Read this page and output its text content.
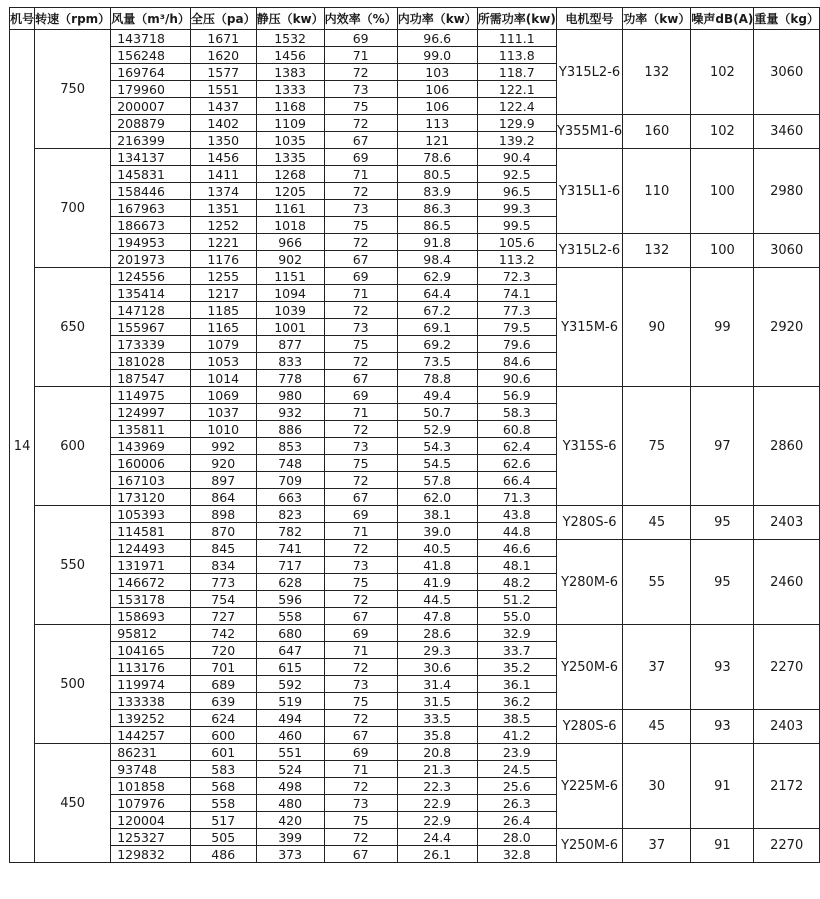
机号	转速（rpm）	风量（m³/h）	全压（pa）	静压（kw）	内效率（%）	内功率（kw）	所需功率(kw)	电机型号	功率（kw）	噪声dB(A)	重量（kg）
14	750	143718	1671	1532	69	96.6	111.1	Y315L2-6	132	102	3060
		156248	1620	1456	71	99.0	113.8				
		169764	1577	1383	72	103	118.7				
		179960	1551	1333	73	106	122.1				
		200007	1437	1168	75	106	122.4				
		208879	1402	1109	72	113	129.9	Y355M1-6	160	102	3460
		216399	1350	1035	67	121	139.2				
	700	134137	1456	1335	69	78.6	90.4	Y315L1-6	110	100	2980
		145831	1411	1268	71	80.5	92.5				
		158446	1374	1205	72	83.9	96.5				
		167963	1351	1161	73	86.3	99.3				
		186673	1252	1018	75	86.5	99.5				
		194953	1221	966	72	91.8	105.6	Y315L2-6	132	100	3060
		201973	1176	902	67	98.4	113.2				
	650	124556	1255	1151	69	62.9	72.3	Y315M-6	90	99	2920
		135414	1217	1094	71	64.4	74.1				
		147128	1185	1039	72	67.2	77.3				
		155967	1165	1001	73	69.1	79.5				
		173339	1079	877	75	69.2	79.6				
		181028	1053	833	72	73.5	84.6				
		187547	1014	778	67	78.8	90.6				
	600	114975	1069	980	69	49.4	56.9	Y315S-6	75	97	2860
		124997	1037	932	71	50.7	58.3				
		135811	1010	886	72	52.9	60.8				
		143969	992	853	73	54.3	62.4				
		160006	920	748	75	54.5	62.6				
		167103	897	709	72	57.8	66.4				
		173120	864	663	67	62.0	71.3				
	550	105393	898	823	69	38.1	43.8	Y280S-6	45	95	2403
		114581	870	782	71	39.0	44.8				
		124493	845	741	72	40.5	46.6	Y280M-6	55	95	2460
		131971	834	717	73	41.8	48.1				
		146672	773	628	75	41.9	48.2				
		153178	754	596	72	44.5	51.2				
		158693	727	558	67	47.8	55.0				
	500	95812	742	680	69	28.6	32.9	Y250M-6	37	93	2270
		104165	720	647	71	29.3	33.7				
		113176	701	615	72	30.6	35.2				
		119974	689	592	73	31.4	36.1				
		133338	639	519	75	31.5	36.2				
		139252	624	494	72	33.5	38.5	Y280S-6	45	93	2403
		144257	600	460	67	35.8	41.2				
	450	86231	601	551	69	20.8	23.9	Y225M-6	30	91	2172
		93748	583	524	71	21.3	24.5				
		101858	568	498	72	22.3	25.6				
		107976	558	480	73	22.9	26.3				
		120004	517	420	75	22.9	26.4				
		125327	505	399	72	24.4	28.0	Y250M-6	37	91	2270
		129832	486	373	67	26.1	32.8				
